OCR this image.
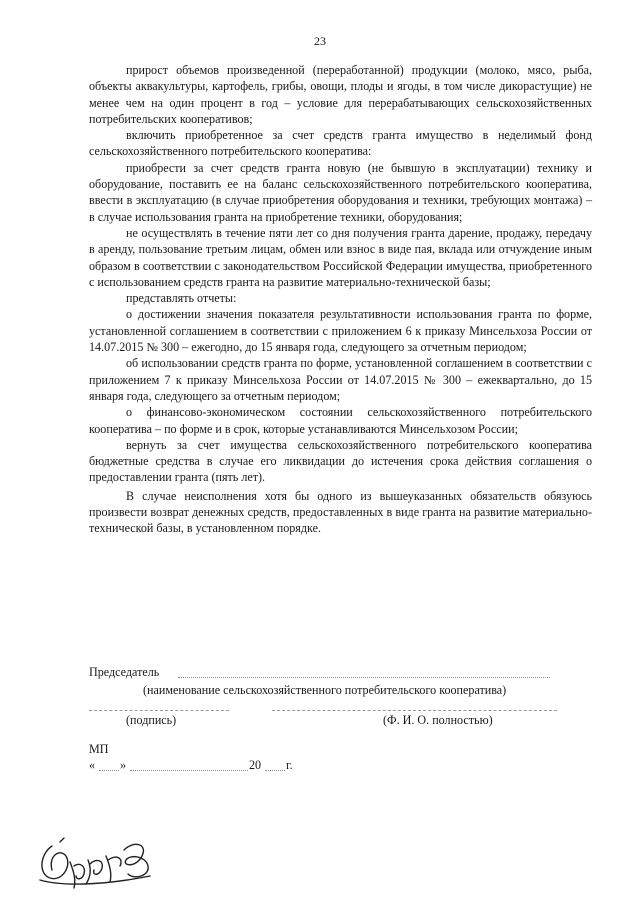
23

прирост объемов произведенной (переработанной) продукции (молоко, мясо, рыба, объекты аквакультуры, картофель, грибы, овощи, плоды и ягоды, в том числе дикорастущие) не менее чем на один процент в год – условие для перерабатывающих сельскохозяйственных потребительских кооперативов;

включить приобретенное за счет средств гранта имущество в неделимый фонд сельскохозяйственного потребительского кооператива:

приобрести за счет средств гранта новую (не бывшую в эксплуатации) технику и оборудование, поставить ее на баланс сельскохозяйственного потребительского кооператива, ввести в эксплуатацию (в случае приобретения оборудования и техники, требующих монтажа) – в случае использования гранта на приобретение техники, оборудования;

не осуществлять в течение пяти лет со дня получения гранта дарение, продажу, передачу в аренду, пользование третьим лицам, обмен или взнос в виде пая, вклада или отчуждение иным образом в соответствии с законодательством Российской Федерации имущества, приобретенного с использованием средств гранта на развитие материально-технической базы;

представлять отчеты:

о достижении значения показателя результативности использования гранта по форме, установленной соглашением в соответствии с приложением 6 к приказу Минсельхоза России от 14.07.2015 № 300 – ежегодно, до 15 января года, следующего за отчетным периодом;

об использовании средств гранта по форме, установленной соглашением в соответствии с приложением 7 к приказу Минсельхоза России от 14.07.2015 № 300 – ежеквартально, до 15 января года, следующего за отчетным периодом;

о финансово-экономическом состоянии сельскохозяйственного потребительского кооператива – по форме и в срок, которые устанавливаются Минсельхозом России;

вернуть за счет имущества сельскохозяйственного потребительского кооператива бюджетные средства в случае его ликвидации до истечения срока действия соглашения о предоставлении гранта (пять лет).

В случае неисполнения хотя бы одного из вышеуказанных обязательств обязуюсь произвести возврат денежных средств, предоставленных в виде гранта на развитие материально-технической базы, в установленном порядке.

Председатель
(наименование сельскохозяйственного потребительского кооператива)
(подпись)	(Ф. И. О. полностью)
МП
« »	20 г.
